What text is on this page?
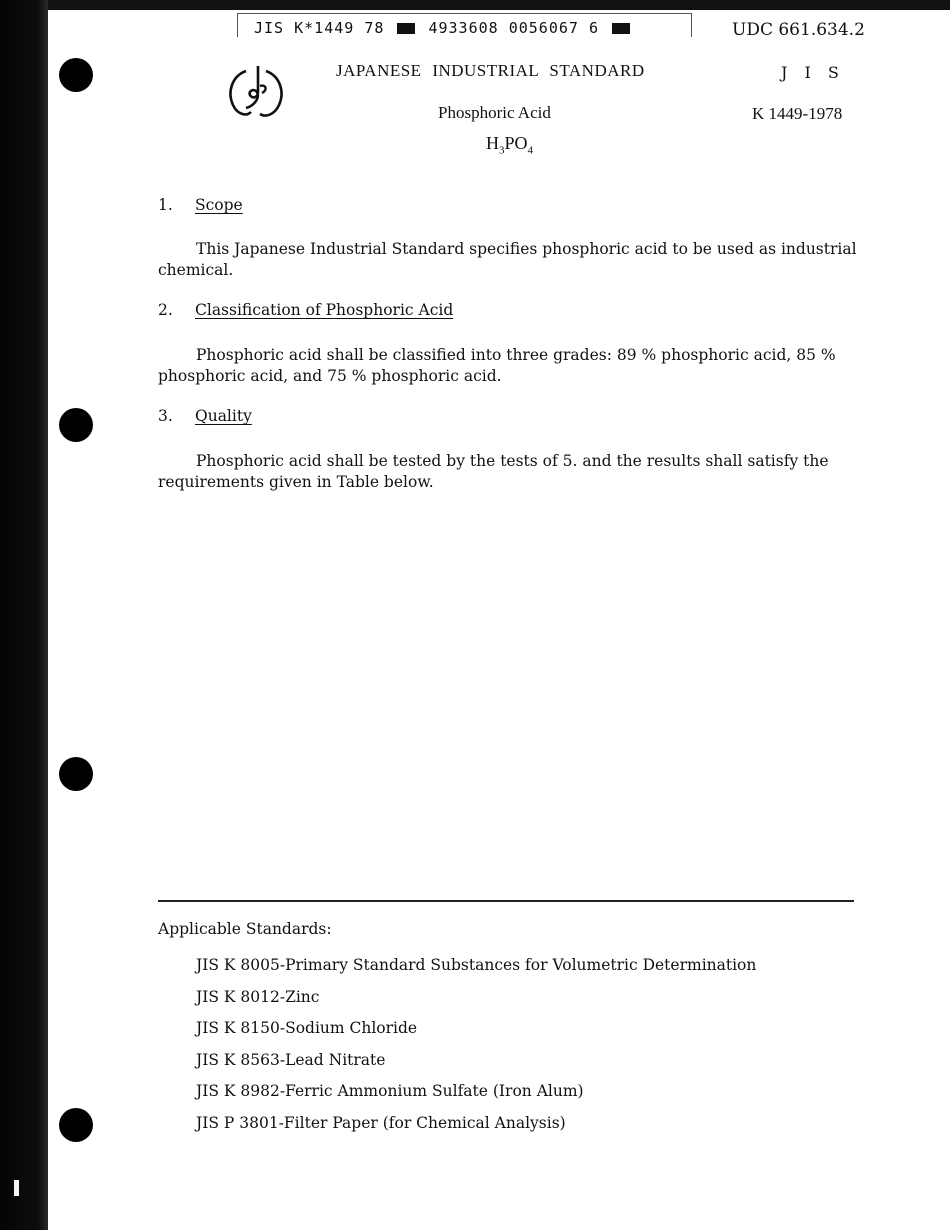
JIS K*1449 78	4933608 0056067 6	UDC 661.634.2
JAPANESE INDUSTRIAL STANDARD	J I S
Phosphoric Acid	K 1449-1978
$H_3PO_4$
1. Scope
This Japanese Industrial Standard specifies phosphoric acid to be used as industrial chemical.
2. Classification of Phosphoric Acid
Phosphoric acid shall be classified into three grades: 89 % phosphoric acid, 85 % phosphoric acid, and 75 % phosphoric acid.
3. Quality
Phosphoric acid shall be tested by the tests of 5. and the results shall satisfy the requirements given in Table below.
Applicable Standards:
JIS K 8005-Primary Standard Substances for Volumetric Determination
JIS K 8012-Zinc
JIS K 8150-Sodium Chloride
JIS K 8563-Lead Nitrate
JIS K 8982-Ferric Ammonium Sulfate (Iron Alum)
JIS P 3801-Filter Paper (for Chemical Analysis)
